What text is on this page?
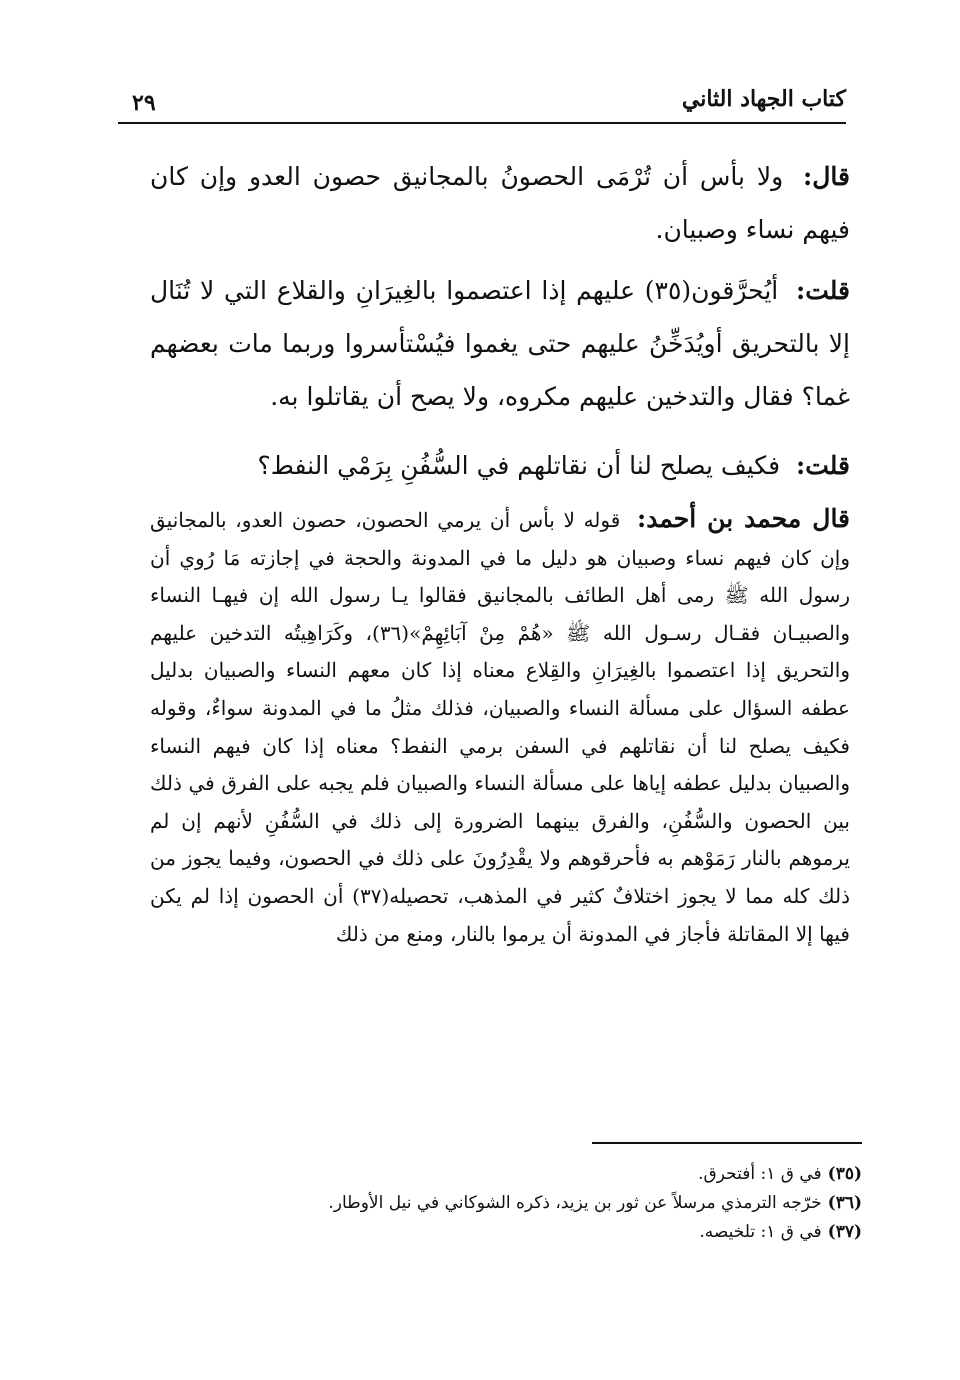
كتاب الجهاد الثاني
٢٩

قال: ولا بأس أن تُرْمَى الحصونُ بالمجانيق حصون العدو وإن كان فيهم نساء وصبيان.

قلت: أيُحرَّقون(٣٥) عليهم إذا اعتصموا بالغِيرَانِ والقلاع التي لا تُنَال إلا بالتحريق أويُدَخِّنُ عليهم حتى يغموا فيُسْتأسروا وربما مات بعضهم غما؟ فقال والتدخين عليهم مكروه، ولا يصح أن يقاتلوا به.

قلت: فكيف يصلح لنا أن نقاتلهم في السُّفُنِ بِرَمْي النفط؟

قال محمد بن أحمد: قوله لا بأس أن يرمي الحصون، حصون العدو، بالمجانيق وإن كان فيهم نساء وصبيان هو دليل ما في المدونة والحجة في إجازته مَا رُوي أن رسول الله ﷺ رمى أهل الطائف بالمجانيق فقالوا يـا رسول الله إن فيهـا النساء والصبيـان فقـال رسـول الله ﷺ «هُمْ مِنْ آبَائِهِمْ»(٣٦)، وكَرَاهِيتُه التدخين عليهم والتحريق إذا اعتصموا بالغِيرَانِ والقِلاع معناه إذا كان معهم النساء والصبيان بدليل عطفه السؤال على مسألة النساء والصبيان، فذلك مثلُ ما في المدونة سواءٌ، وقوله فكيف يصلح لنا أن نقاتلهم في السفن برمي النفط؟ معناه إذا كان فيهم النساء والصبيان بدليل عطفه إياها على مسألة النساء والصبيان فلم يجبه على الفرق في ذلك بين الحصون والسُّفُنِ، والفرق بينهما الضرورة إلى ذلك في السُّفُنِ لأنهم إن لم يرموهم بالنار رَمَوْهم به فأحرقوهم ولا يقْدِرُونَ على ذلك في الحصون، وفيما يجوز من ذلك كله مما لا يجوز اختلافٌ كثير في المذهب، تحصيله(٣٧) أن الحصون إذا لم يكن فيها إلا المقاتلة فأجاز في المدونة أن يرموا بالنار، ومنع من ذلك

(٣٥)في ق ١: أفتحرق.
(٣٦)خرّجه الترمذي مرسلاً عن ثور بن يزيد، ذكره الشوكاني في نيل الأوطار.
(٣٧)في ق ١: تلخيصه.
